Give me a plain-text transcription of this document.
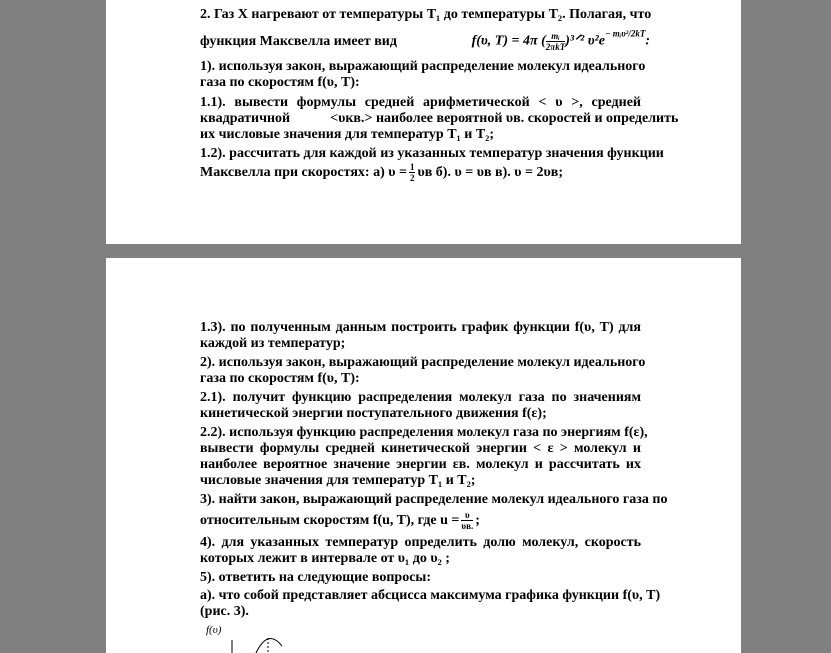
2. Газ X нагревают от температуры T₁ до температуры T₂. Полагая, что
функция Максвелла имеет вид	f(υ, T) = 4π ( $\frac{\text{mᵢ}}{\text{2πkT}}$ )³ᐟ² $\upsilon^2e^{- mᵢ\upsilon^2/2kT}$:
1). используя закон, выражающий распределение молекул идеального
газа по скоростям f(υ, T):
1.1). вывести формулы средней арифметической < υ >, средней
квадратичной	<υкв.> наиболее вероятной υв. скоростей и определить
их числовые значения для температур T₁ и T₂;
1.2). рассчитать для каждой из указанных температур значения функции
Максвелла при скоростях: а) $\upsilon = \frac{1}{2}$ υв б). υ = υв в). υ = 2υв;
1.3). по полученным данным построить график функции f(υ, T) для
каждой из температур;
2). используя закон, выражающий распределение молекул идеального
газа по скоростям f(υ, T):
2.1). получит функцию распределения молекул газа по значениям
кинетической энергии поступательного движения f(ε);
2.2). используя функцию распределения молекул газа по энергиям f(ε),
вывести формулы средней кинетической энергии < ε > молекул и
наиболее вероятное значение энергии εв. молекул и рассчитать их
числовые значения для температур T₁ и T₂;
3). найти закон, выражающий распределение молекул идеального газа по
относительным скоростям f(u, T), где $u = \frac{\upsilon}{\upsilon в.}$ ;
4). для указанных температур определить долю молекул, скорость
которых лежит в интервале от υ₁ до υ₂ ;
5). ответить на следующие вопросы:
а). что собой представляет абсцисса максимума графика функции f(υ, T)
(рис. 3).
f(υ)
